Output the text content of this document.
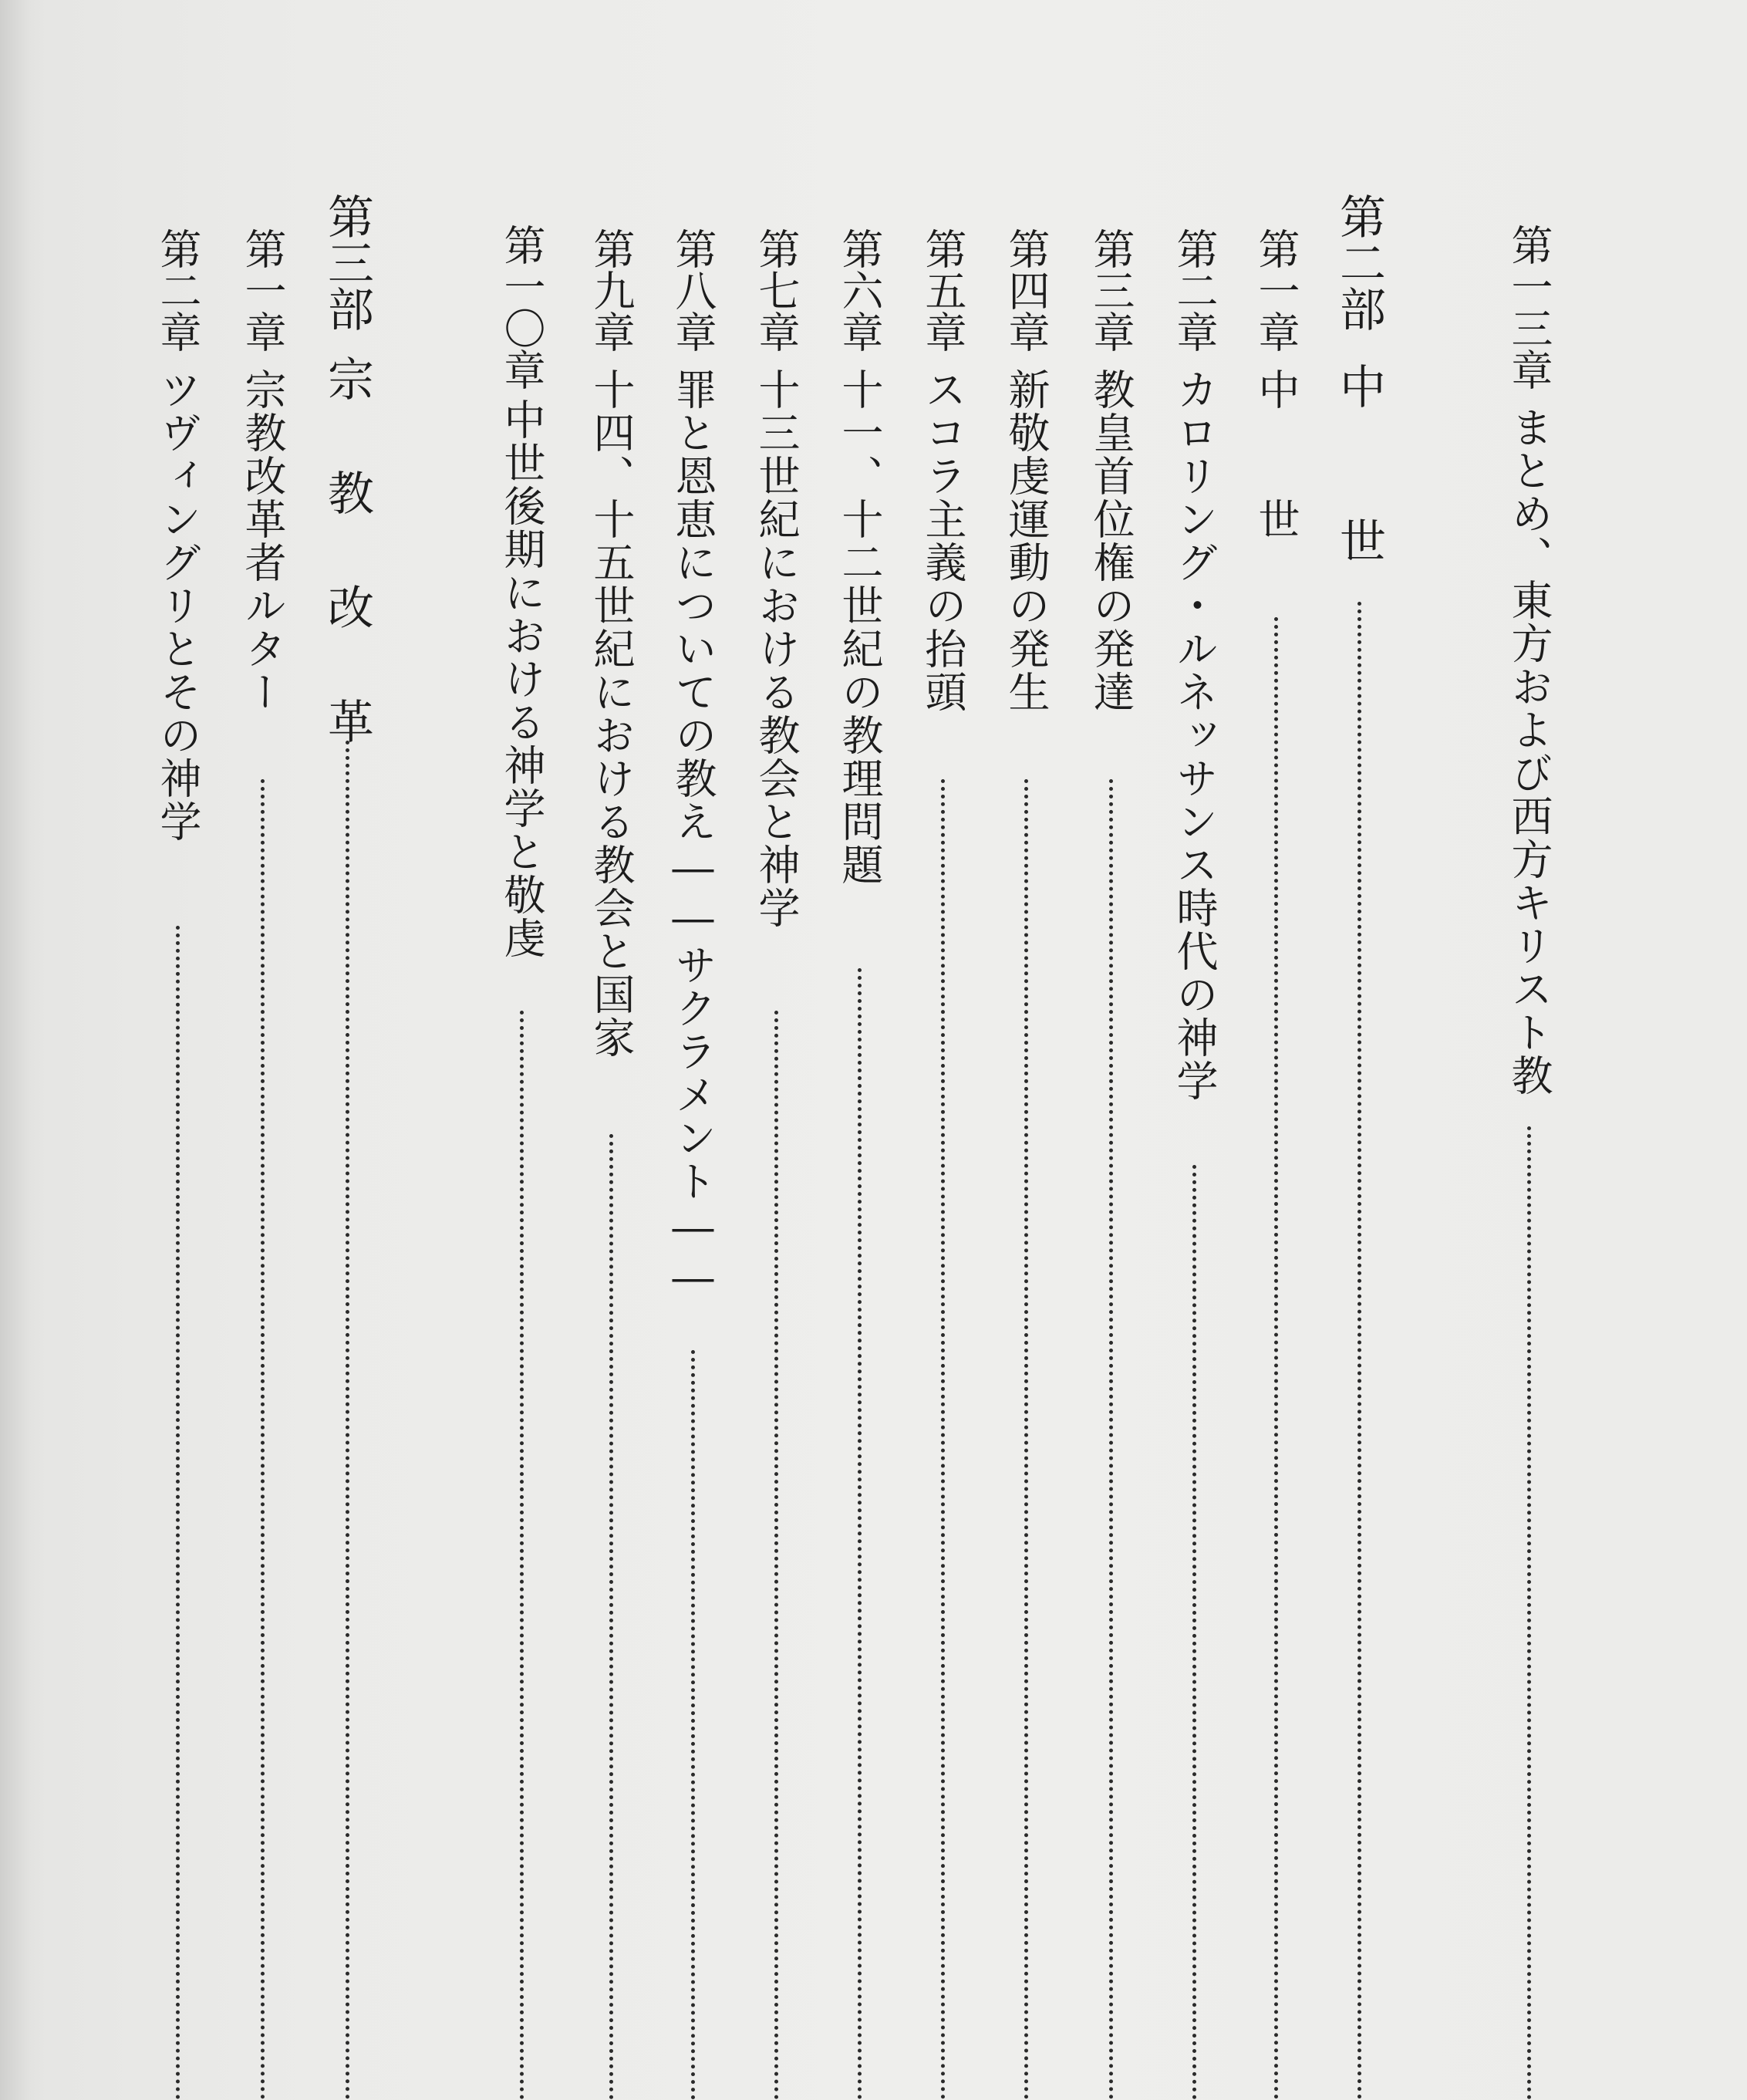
第一三章まとめ、東方および西方キリスト教
第二部中　世
第一章中　世
第二章カロリング・ルネッサンス時代の神学
第三章教皇首位権の発達
第四章新敬虔運動の発生
第五章スコラ主義の抬頭
第六章十一、十二世紀の教理問題
第七章十三世紀における教会と神学
第八章罪と恩恵についての教え――サクラメント――
第九章十四、十五世紀における教会と国家
第一〇章中世後期における神学と敬虔
第三部宗　教　改　革
第一章宗教改革者ルター
第二章ツヴィングリとその神学
